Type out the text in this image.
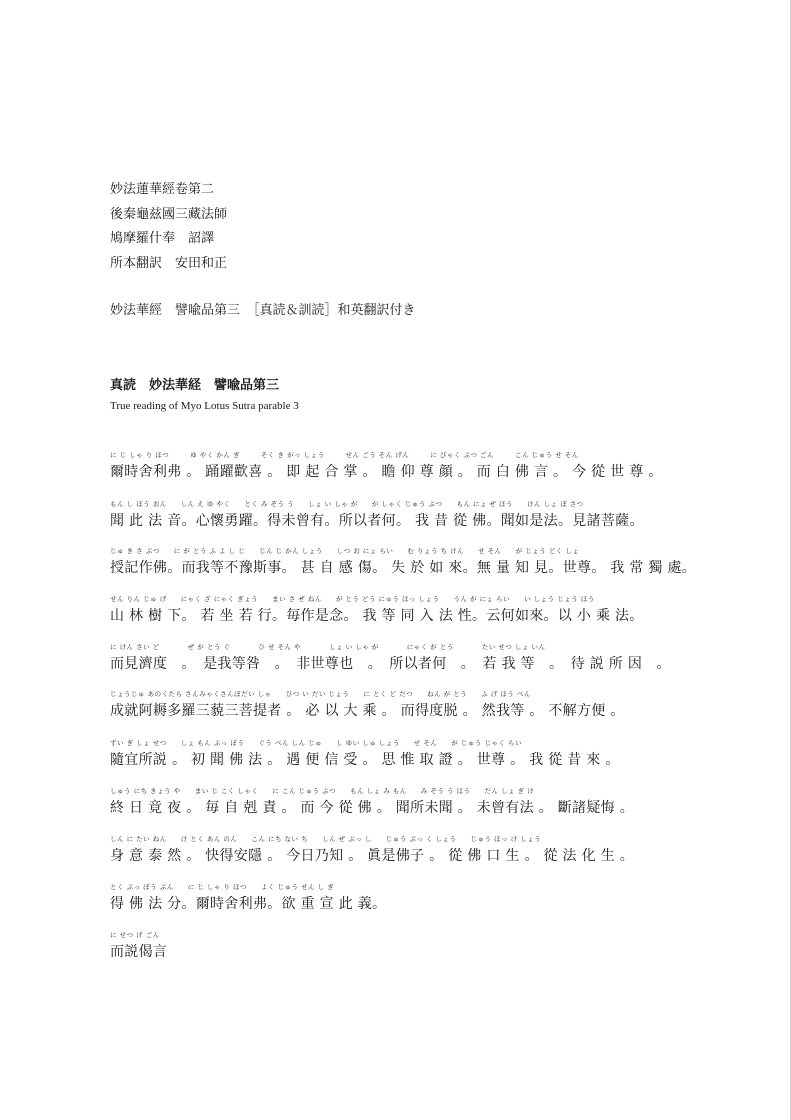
妙法蓮華經卷第二
後秦龜兹國三藏法師
鳩摩羅什奉　詔譯
所本翻訳　安田和正
妙法華經　譬喩品第三　［真読＆訓読］和英翻訳付き
真読　妙法華経　譬喩品第三
True reading of Myo Lotus Sutra parable 3
に じ しゃ り ほつ　　　ゆ やく かん ぎ　　　そく き がっ しょう　　　せん ごう そん げん　　　に びゃく ぶつ ごん　　　こん じゅう せ そん
爾時舍利弗 。 踊躍歡喜 。 即 起 合 掌 。 瞻 仰 尊 顔 。 而 白 佛 言 。 今 從 世 尊 。
もん し ほう おん　　しん え ゆ やく　　とく み ぞう う　　しょ い しゃ が　　が しゃく じゅう ぶつ　　もん にょ ぜ ほう　　けん しょ ぼ さつ
聞 此 法 音。心懷勇躍。得未曾有。所以者何。 我 昔 從 佛。聞如是法。見諸菩薩。
じゅ き さ ぶつ　　に が とう ふ よ し じ　　じん じ かん しょう　　しつ お にょ らい　　む りょう ち けん　　せ そん　　が じょう どく しょ
授記作佛。而我等不豫斯事。 甚 自 感 傷。 失 於 如 來。無 量 知 見。世尊。 我 常 獨 處。
せん りん じゅ げ　　にゃく ざ にゃく ぎょう　　まい さ ぜ ねん　　が とう どう にゅう ほっ しょう　　うん が にょ らい　　い しょう じょう ほう
山 林 樹 下。 若 坐 若 行。毎作是念。 我 等 同 入 法 性。云何如來。以 小 乘 法。
に けん さい ど　　　　ぜ が とう ぐ　　　　ひ せ そん や　　　　しょ い しゃ が　　　　にゃく が とう　　　　たい せつ しょ いん
而見濟度　。　是我等咎　。　非世尊也　。　所以者何　。　若 我 等　。　待 説 所 因　。
じょうじゅ あのくたら さんみゃくさんぼだい しゃ　　ひつ い だい じょう　　に とく ど だつ　　ねん が とう　　ふ げ ほう べん
成就阿耨多羅三藐三菩提者 。 必 以 大 乘 。 而得度脱 。 然我等 。 不解方便 。
ずい ぎ しょ せつ　　しょ もん ぶっ ぽう　　ぐう べん しん じゅ　　し ゆい しゅ しょう　　せ そん　　が じゅう じゃく らい
隨宜所説 。 初 聞 佛 法 。 遇 便 信 受 。 思 惟 取 證 。 世尊 。 我 從 昔 來 。
しゅう にち きょう や　　まい じ こく しゃく　　に こん じゅう ぶつ　　もん しょ み もん　　み ぞう う ほう　　だん しょ ぎ け
終 日 竟 夜 。 毎 自 剋 責 。 而 今 從 佛 。 聞所未聞 。 未曾有法 。 斷諸疑悔 。
しん に たい ねん　　け とく あん のん　　こん にち ない ち　　しん ぜ ぶっ し　　じゅう ぶっ く しょう　　じゅう ほっ け しょう
身 意 泰 然 。 快得安隱 。 今日乃知 。 眞是佛子 。 從 佛 口 生 。 從 法 化 生 。
とく ぶっ ぽう ぶん　　に じ しゃ り ほつ　　よく じゅう せん し ぎ
得 佛 法 分。爾時舍利弗。欲 重 宣 此 義。
に せつ げ ごん
而説偈言
